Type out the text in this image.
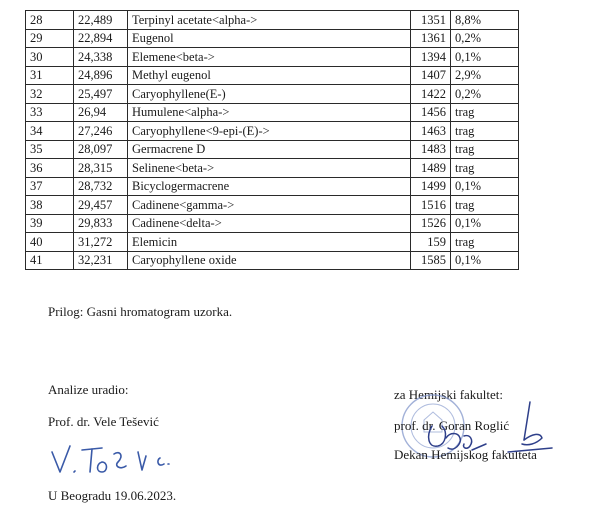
28	22,489	Terpinyl acetate<alpha->	1351	8,8%
29	22,894	Eugenol	1361	0,2%
30	24,338	Elemene<beta->	1394	0,1%
31	24,896	Methyl eugenol	1407	2,9%
32	25,497	Caryophyllene(E-)	1422	0,2%
33	26,94	Humulene<alpha->	1456	trag
34	27,246	Caryophyllene<9-epi-(E)->	1463	trag
35	28,097	Germacrene D	1483	trag
36	28,315	Selinene<beta->	1489	trag
37	28,732	Bicyclogermacrene	1499	0,1%
38	29,457	Cadinene<gamma->	1516	trag
39	29,833	Cadinene<delta->	1526	0,1%
40	31,272	Elemicin	159	trag
41	32,231	Caryophyllene oxide	1585	0,1%
Prilog: Gasni hromatogram uzorka.
Analize uradio:
Prof. dr. Vele Tešević
U Beogradu 19.06.2023.
za Hemijski fakultet:
prof. dr. Goran Roglić
Dekan Hemijskog fakulteta
